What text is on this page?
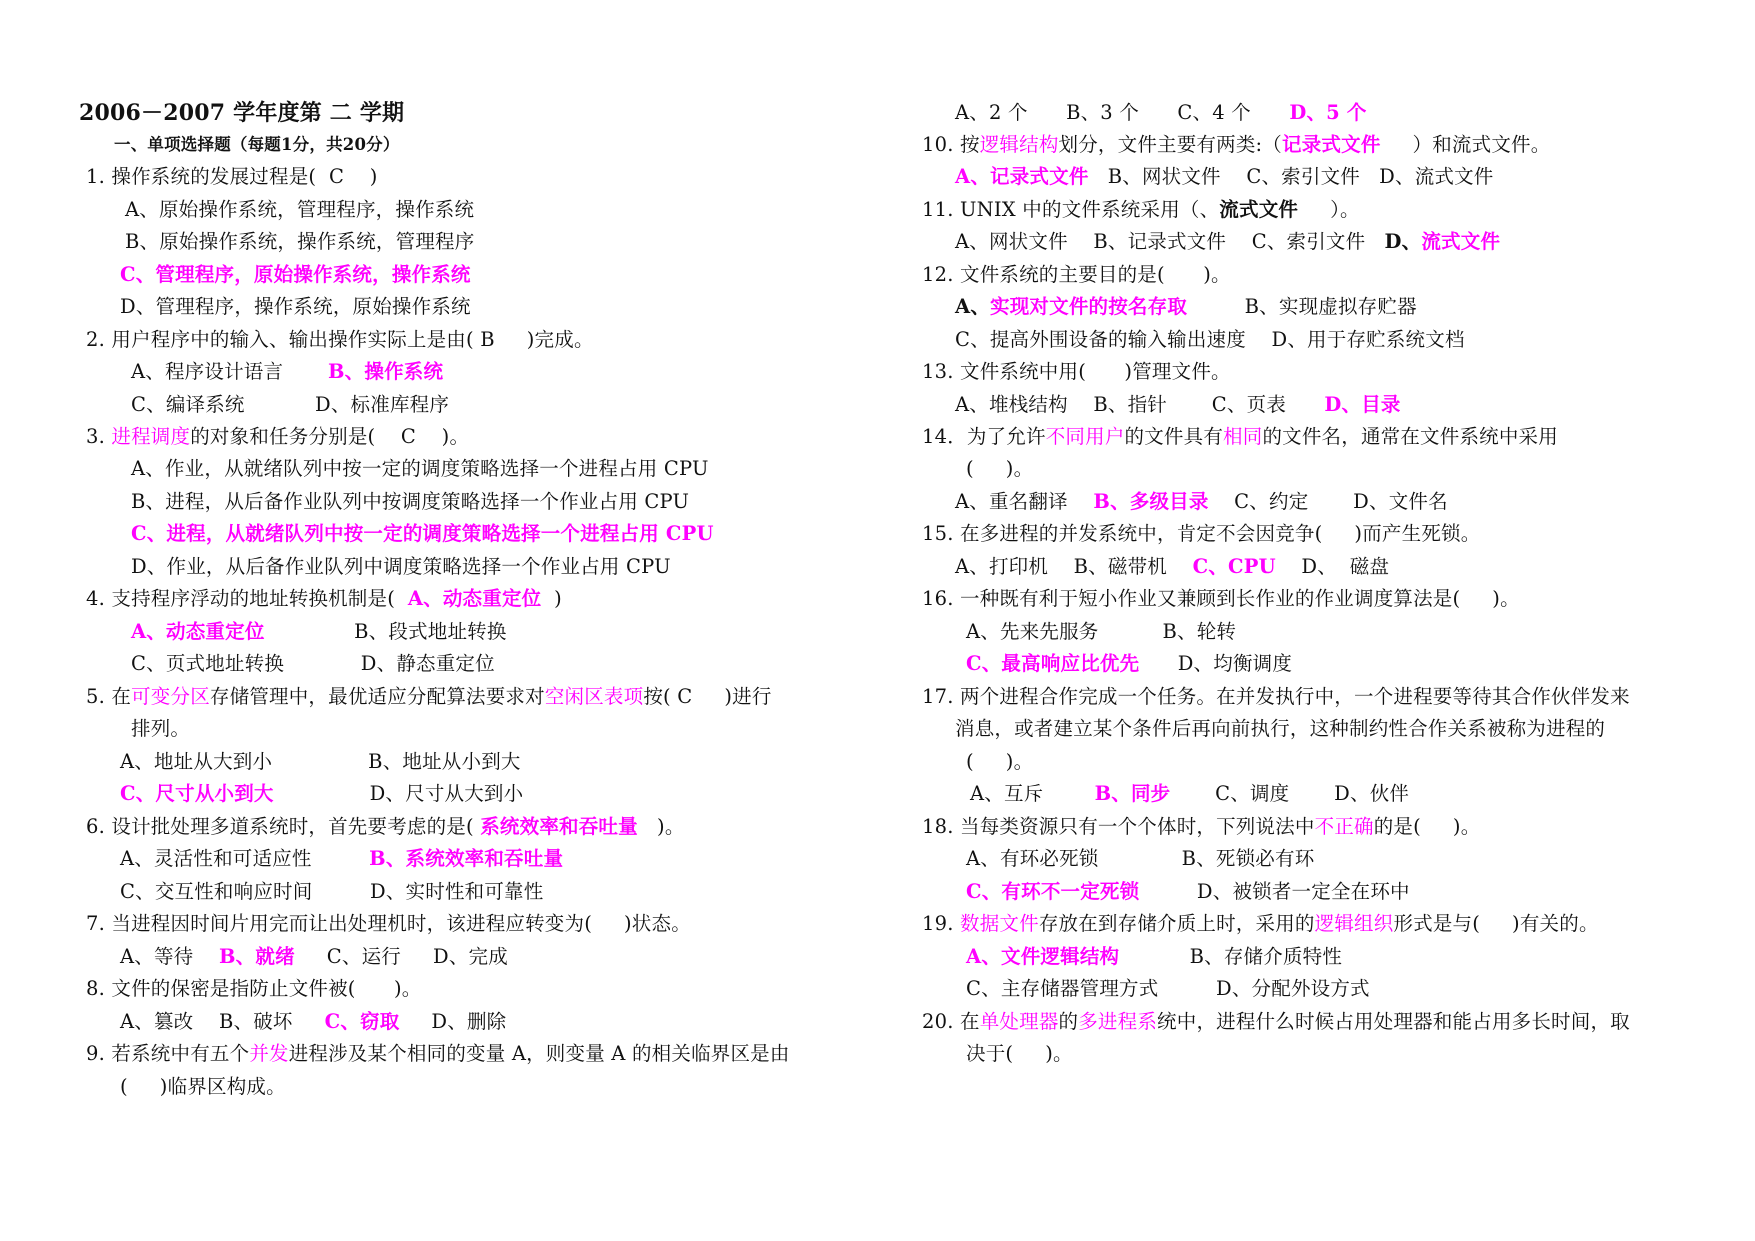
2006－2007 学年度第 二 学期
一、单项选择题（每题1分，共20分）
1. 操作系统的发展过程是(  C    )
A、原始操作系统，管理程序，操作系统
B、原始操作系统，操作系统，管理程序
C、管理程序，原始操作系统，操作系统
D、管理程序，操作系统，原始操作系统
2. 用户程序中的输入、输出操作实际上是由( B     )完成。
A、程序设计语言       B、操作系统
C、编译系统           D、标准库程序
3. 进程调度的对象和任务分别是(    C    )。
A、作业，从就绪队列中按一定的调度策略选择一个进程占用 CPU
B、进程，从后备作业队列中按调度策略选择一个作业占用 CPU
C、进程，从就绪队列中按一定的调度策略选择一个进程占用 CPU
D、作业，从后备作业队列中调度策略选择一个作业占用 CPU
4. 支持程序浮动的地址转换机制是(  A、动态重定位  )
A、动态重定位              B、段式地址转换
C、页式地址转换            D、静态重定位
5. 在可变分区存储管理中，最优适应分配算法要求对空闲区表项按( C     )进行
排列。
A、地址从大到小               B、地址从小到大
C、尺寸从小到大               D、尺寸从大到小
6. 设计批处理多道系统时，首先要考虑的是( 系统效率和吞吐量   )。
A、灵活性和可适应性         B、系统效率和吞吐量
C、交互性和响应时间         D、实时性和可靠性
7. 当进程因时间片用完而让出处理机时，该进程应转变为(     )状态。
A、等待    B、就绪     C、运行     D、完成
8. 文件的保密是指防止文件被(      )。
A、篡改    B、破坏     C、窃取     D、删除
9. 若系统中有五个并发进程涉及某个相同的变量 A，则变量 A 的相关临界区是由
(     )临界区构成。
A、2 个      B、3 个      C、4 个      D、5 个
10. 按逻辑结构划分，文件主要有两类:（记录式文件     ）和流式文件。
A、记录式文件   B、网状文件    C、索引文件   D、流式文件
11. UNIX 中的文件系统采用（、流式文件     ）。
A、网状文件    B、记录式文件    C、索引文件   D、流式文件
12. 文件系统的主要目的是(      )。
A、实现对文件的按名存取         B、实现虚拟存贮器
C、提高外围设备的输入输出速度    D、用于存贮系统文档
13. 文件系统中用(      )管理文件。
A、堆栈结构    B、指针       C、页表      D、目录
14．为了允许不同用户的文件具有相同的文件名，通常在文件系统中采用
(     )。
A、重名翻译    B、多级目录    C、约定       D、文件名
15. 在多进程的并发系统中，肯定不会因竞争(     )而产生死锁。
A、打印机    B、磁带机    C、CPU    D、  磁盘
16. 一种既有利于短小作业又兼顾到长作业的作业调度算法是(     )。
A、先来先服务          B、轮转
C、最高响应比优先      D、均衡调度
17. 两个进程合作完成一个任务。在并发执行中，一个进程要等待其合作伙伴发来
消息，或者建立某个条件后再向前执行，这种制约性合作关系被称为进程的
(     )。
A、互斥        B、同步       C、调度       D、伙伴
18. 当每类资源只有一个个体时，下列说法中不正确的是(     )。
A、有环必死锁             B、死锁必有环
C、有环不一定死锁         D、被锁者一定全在环中
19. 数据文件存放在到存储介质上时，采用的逻辑组织形式是与(     )有关的。
A、文件逻辑结构           B、存储介质特性
C、主存储器管理方式         D、分配外设方式
20. 在单处理器的多进程系统中，进程什么时候占用处理器和能占用多长时间，取
决于(     )。
